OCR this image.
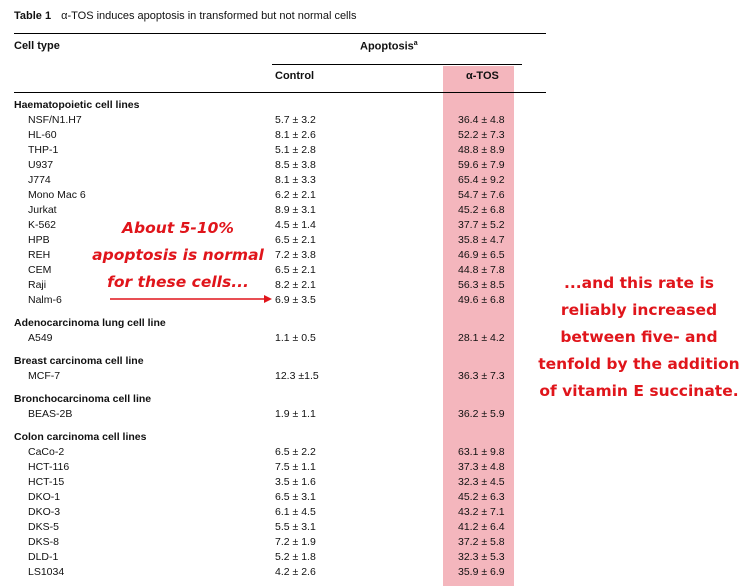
Table 1 α-TOS induces apoptosis in transformed but not normal cells
Cell type	Apoptosis$^a$
Control	α-TOS
Haematopoietic cell lines
NSF/N1.H7	5.7 ± 3.2	36.4 ± 4.8
HL-60	8.1 ± 2.6	52.2 ± 7.3
THP-1	5.1 ± 2.8	48.8 ± 8.9
U937	8.5 ± 3.8	59.6 ± 7.9
J774	8.1 ± 3.3	65.4 ± 9.2
Mono Mac 6	6.2 ± 2.1	54.7 ± 7.6
Jurkat	8.9 ± 3.1	45.2 ± 6.8
K-562	4.5 ± 1.4	37.7 ± 5.2
HPB	6.5 ± 2.1	35.8 ± 4.7
REH	7.2 ± 3.8	46.9 ± 6.5
CEM	6.5 ± 2.1	44.8 ± 7.8
Raji	8.2 ± 2.1	56.3 ± 8.5
Nalm-6	6.9 ± 3.5	49.6 ± 6.8
Adenocarcinoma lung cell line
A549	1.1 ± 0.5	28.1 ± 4.2
Breast carcinoma cell line
MCF-7	12.3 ±1.5	36.3 ± 7.3
Bronchocarcinoma cell line
BEAS-2B	1.9 ± 1.1	36.2 ± 5.9
Colon carcinoma cell lines
CaCo-2	6.5 ± 2.2	63.1 ± 9.8
HCT-116	7.5 ± 1.1	37.3 ± 4.8
HCT-15	3.5 ± 1.6	32.3 ± 4.5
DKO-1	6.5 ± 3.1	45.2 ± 6.3
DKO-3	6.1 ± 4.5	43.2 ± 7.1
DKS-5	5.5 ± 3.1	41.2 ± 6.4
DKS-8	7.2 ± 1.9	37.2 ± 5.8
DLD-1	5.2 ± 1.8	32.3 ± 5.3
LS1034	4.2 ± 2.6	35.9 ± 6.9
About 5-10%
apoptosis is normal
for these cells...	...and this rate is
reliably increased
between five- and
tenfold by the addition
of vitamin E succinate.
